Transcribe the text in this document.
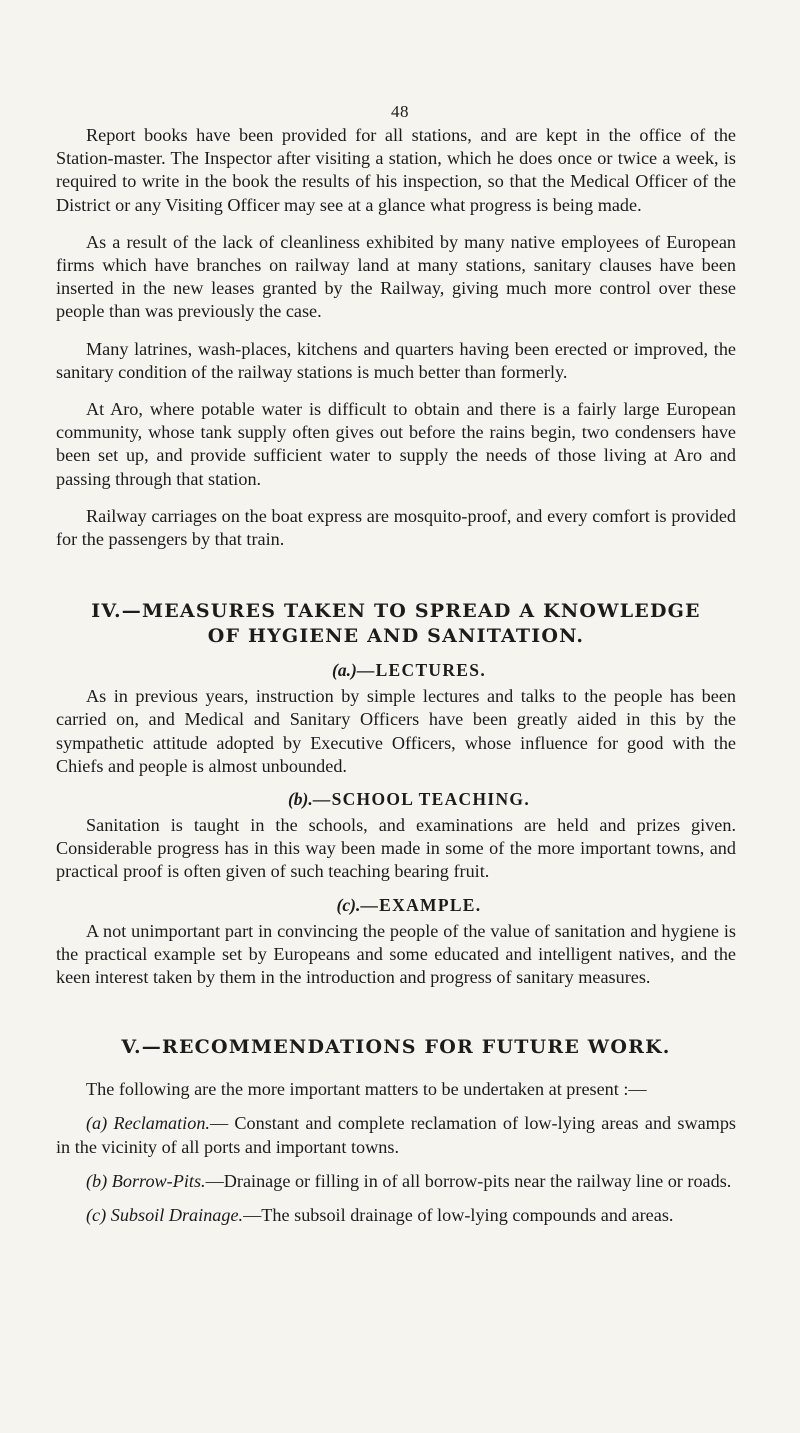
48

Report books have been provided for all stations, and are kept in the office of the Station-master. The Inspector after visiting a station, which he does once or twice a week, is required to write in the book the results of his inspection, so that the Medical Officer of the District or any Visiting Officer may see at a glance what progress is being made.

As a result of the lack of cleanliness exhibited by many native employees of European firms which have branches on railway land at many stations, sanitary clauses have been inserted in the new leases granted by the Railway, giving much more control over these people than was previously the case.

Many latrines, wash-places, kitchens and quarters having been erected or improved, the sanitary condition of the railway stations is much better than formerly.

At Aro, where potable water is difficult to obtain and there is a fairly large European community, whose tank supply often gives out before the rains begin, two condensers have been set up, and provide sufficient water to supply the needs of those living at Aro and passing through that station.

Railway carriages on the boat express are mosquito-proof, and every comfort is provided for the passengers by that train.

IV.—MEASURES TAKEN TO SPREAD A KNOWLEDGE
OF HYGIENE AND SANITATION.
(a.)—LECTURES.

As in previous years, instruction by simple lectures and talks to the people has been carried on, and Medical and Sanitary Officers have been greatly aided in this by the sympathetic attitude adopted by Executive Officers, whose influence for good with the Chiefs and people is almost unbounded.

(b).—SCHOOL TEACHING.

Sanitation is taught in the schools, and examinations are held and prizes given. Considerable progress has in this way been made in some of the more important towns, and practical proof is often given of such teaching bearing fruit.

(c).—EXAMPLE.

A not unimportant part in convincing the people of the value of sanitation and hygiene is the practical example set by Europeans and some educated and intelligent natives, and the keen interest taken by them in the introduction and progress of sanitary measures.

V.—RECOMMENDATIONS FOR FUTURE WORK.

The following are the more important matters to be undertaken at present :—

(a) Reclamation.— Constant and complete reclamation of low-lying areas and swamps in the vicinity of all ports and important towns.

(b) Borrow-Pits.—Drainage or filling in of all borrow-pits near the railway line or roads.

(c) Subsoil Drainage.—The subsoil drainage of low-lying compounds and areas.
